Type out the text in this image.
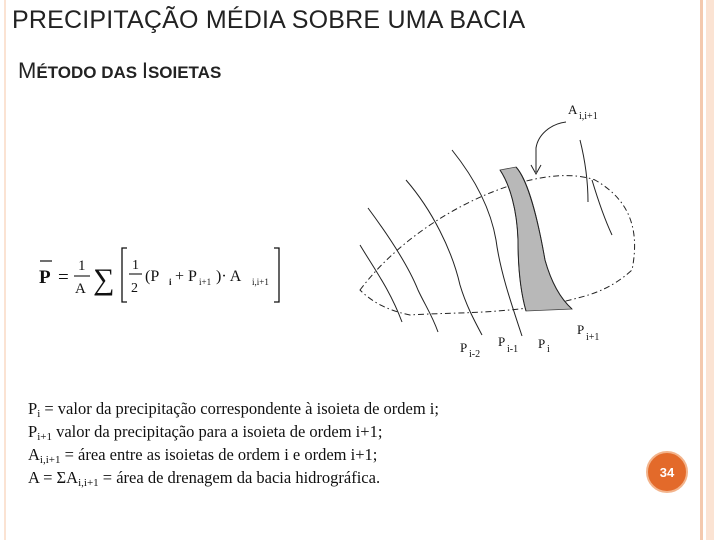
PRECIPITAÇÃO MÉDIA SOBRE UMA BACIA
MÉTODO DAS ISOIETAS
P =
1
A ∑ 1
2
(P i + P i+1 )· A i,i+1
A i,i+1
P i-2
P
i-1 P i
P
i+1
$P_i$ = valor da precipitação correspondente à isoieta de ordem i;
$P_{i+1}$ valor da precipitação para a isoieta de ordem i+1;
$A_{i,i+1}$ = área entre as isoietas de ordem i e ordem i+1;
$A = \Sigma A_{i,i+1}$ = área de drenagem da bacia hidrográfica.	34
